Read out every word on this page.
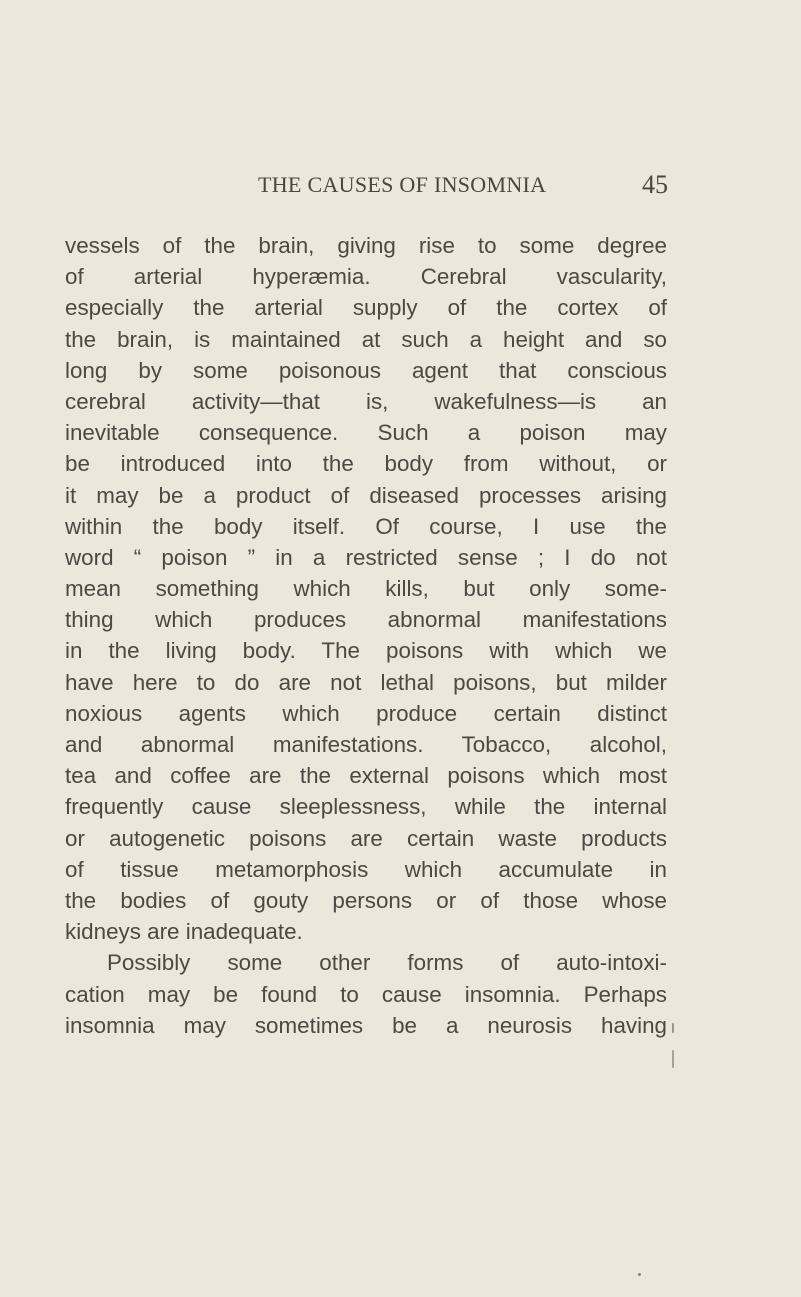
THE CAUSES OF INSOMNIA	45
vessels of the brain, giving rise to some degree
of arterial hyperæmia. Cerebral vascularity,
especially the arterial supply of the cortex of
the brain, is maintained at such a height and so
long by some poisonous agent that conscious
cerebral activity—that is, wakefulness—is an
inevitable consequence. Such a poison may
be introduced into the body from without, or
it may be a product of diseased processes arising
within the body itself. Of course, I use the
word “ poison ” in a restricted sense ; I do not
mean something which kills, but only some-
thing which produces abnormal manifestations
in the living body. The poisons with which we
have here to do are not lethal poisons, but milder
noxious agents which produce certain distinct
and abnormal manifestations. Tobacco, alcohol,
tea and coffee are the external poisons which most
frequently cause sleeplessness, while the internal
or autogenetic poisons are certain waste products
of tissue metamorphosis which accumulate in
the bodies of gouty persons or of those whose
kidneys are inadequate.
Possibly some other forms of auto-intoxi-
cation may be found to cause insomnia. Perhaps
insomnia may sometimes be a neurosis having
